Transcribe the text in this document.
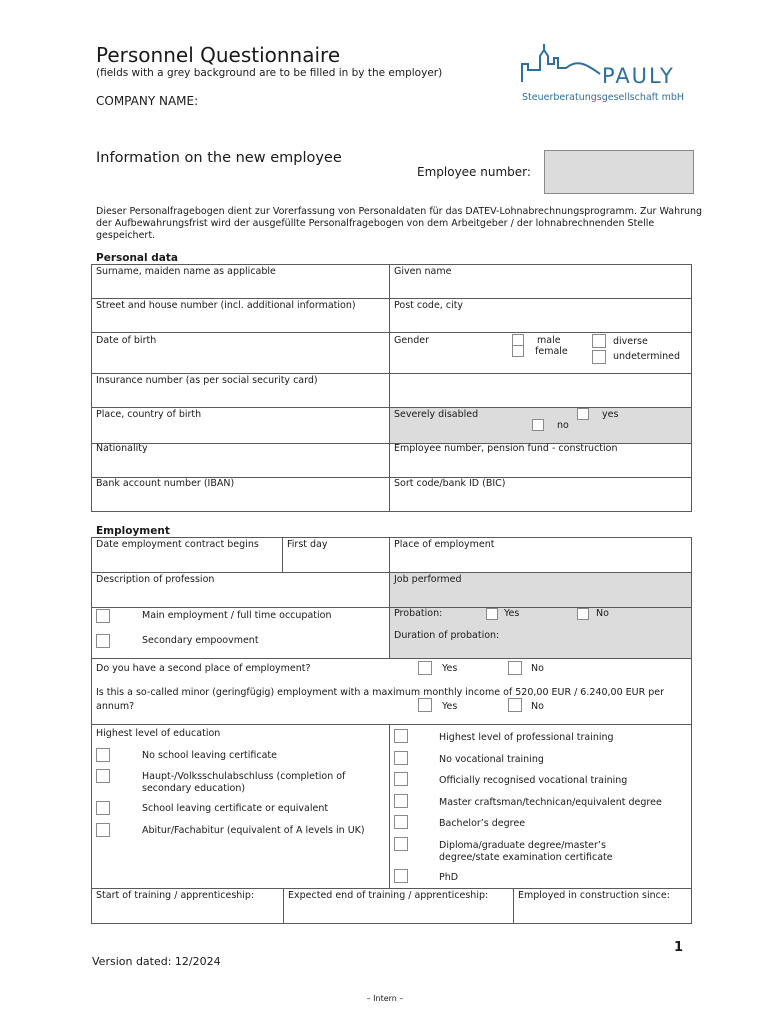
Personnel Questionnaire
(fields with a grey background are to be filled in by the employer)
COMPANY NAME:
PAULY
Steuerberatungsgesellschaft mbH
Information on the new employee
Employee number:
Dieser Personalfragebogen dient zur Vorerfassung von Personaldaten für das DATEV-Lohnabrechnungsprogramm. Zur Wahrung der Aufbewahrungsfrist wird der ausgefüllte Personalfragebogen von dem Arbeitgeber / der lohnabrechnenden Stelle gespeichert.
Personal data
Surname, maiden name as applicable	Given name
Street and house number (incl. additional information)	Post code, city
Date of birth	Gender	male
female
diverse
undetermined
Insurance number (as per social security card)
Place, country of birth	Severely disabled	yes
no
Nationality	Employee number, pension fund - construction
Bank account number (IBAN)	Sort code/bank ID (BIC)
Employment
Date employment contract begins	First day	Place of employment
Description of profession	Job performed
Main employment / full time occupation
Secondary empoovment
Probation:	Yes	No
Duration of probation:
Do you have a second place of employment?	Yes	No
Is this a so-called minor (geringfügig) employment with a maximum monthly income of 520,00 EUR / 6.240,00 EUR per annum?	Yes	No
Highest level of education
No school leaving certificate
Haupt-/Volksschulabschluss (completion of secondary education)
School leaving certificate or equivalent
Abitur/Fachabitur (equivalent of A levels in UK)
Highest level of professional training
No vocational training
Officially recognised vocational training
Master craftsman/technican/equivalent degree
Bachelor’s degree
Diploma/graduate degree/master’s degree/state examination certificate
PhD
Start of training / apprenticeship:	Expected end of training / apprenticeship:	Employed in construction since:
1
Version dated: 12/2024
– Intern –
